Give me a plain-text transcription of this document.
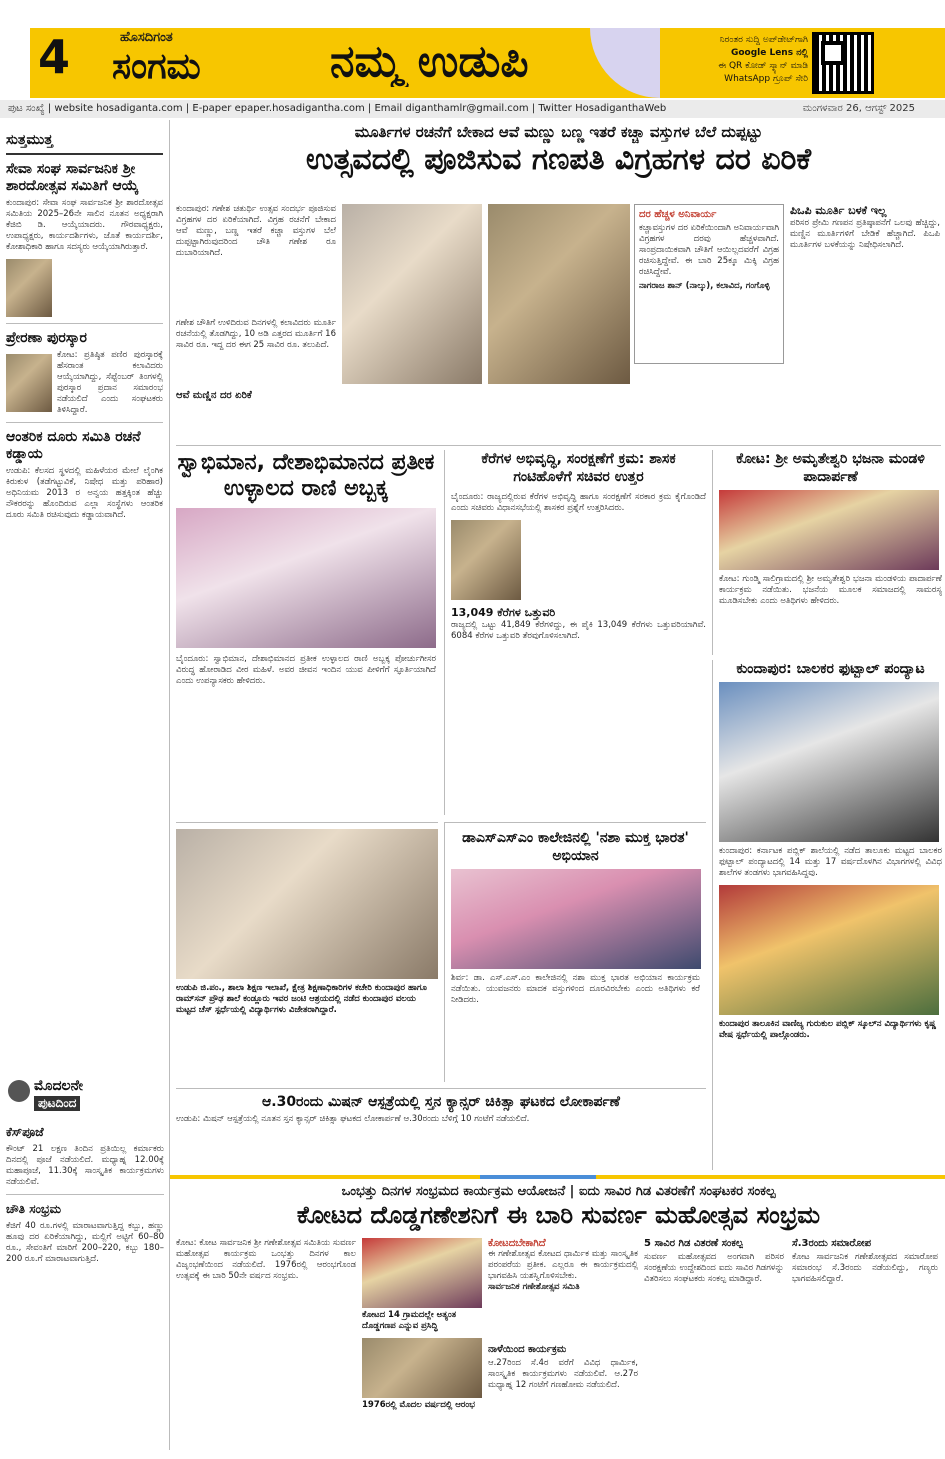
4	ಹೊಸದಿಗಂತ
ಸಂಗಮ	ನಮ್ಮ ಉಡುಪಿ	ನಿರಂತರ ಸುದ್ದಿ ಅಪ್‌ಡೇಟ್‌ಗಾಗಿ
Google Lens ನಲ್ಲಿ
ಈ QR ಕೋಡ್ ಸ್ಕ್ಯಾನ್ ಮಾಡಿ
WhatsApp ಗ್ರೂಪ್ ಸೇರಿ
ಪುಟ ಸಂಖ್ಯೆ | website hosadiganta.com | E-paper epaper.hosadigantha.com | Email diganthamlr@gmail.com | Twitter HosadiganthaWeb	ಮಂಗಳವಾರ 26, ಆಗಸ್ಟ್ 2025
ಸುತ್ತಮುತ್ತ
ಸೇವಾ ಸಂಘ ಸಾರ್ವಜನಿಕ ಶ್ರೀ ಶಾರದೋತ್ಸವ ಸಮಿತಿಗೆ ಆಯ್ಕೆ
ಕುಂದಾಪುರ: ಸೇವಾ ಸಂಘ ಸಾರ್ವಜನಿಕ ಶ್ರೀ ಶಾರದೋತ್ಸವ ಸಮಿತಿಯ 2025–26ನೇ ಸಾಲಿನ ನೂತನ ಅಧ್ಯಕ್ಷರಾಗಿ ಕೆಜಿಬಿ ಡಿ. ಆಯ್ಕೆಯಾದರು. ಗೌರವಾಧ್ಯಕ್ಷರು, ಉಪಾಧ್ಯಕ್ಷರು, ಕಾರ್ಯದರ್ಶಿಗಳು, ಜೊತೆ ಕಾರ್ಯದರ್ಶಿ, ಕೋಶಾಧಿಕಾರಿ ಹಾಗೂ ಸದಸ್ಯರು ಆಯ್ಕೆಯಾಗಿರುತ್ತಾರೆ.
ಪ್ರೇರಣಾ ಪುರಸ್ಕಾರ
ಕೋಟ: ಪ್ರತಿಷ್ಠಿತ ಪಣಿರ ಪುರಸ್ಕಾರಕ್ಕೆ ಹೆಸರಾಂತ ಕಲಾವಿದರು ಆಯ್ಕೆಯಾಗಿದ್ದು, ಸೆಪ್ಟೆಂಬರ್ ತಿಂಗಳಲ್ಲಿ ಪುರಸ್ಕಾರ ಪ್ರದಾನ ಸಮಾರಂಭ ನಡೆಯಲಿದೆ ಎಂದು ಸಂಘಟಕರು ತಿಳಿಸಿದ್ದಾರೆ.
ಆಂತರಿಕ ದೂರು ಸಮಿತಿ ರಚನೆ ಕಡ್ಡಾಯ
ಉಡುಪಿ: ಕೆಲಸದ ಸ್ಥಳದಲ್ಲಿ ಮಹಿಳೆಯರ ಮೇಲೆ ಲೈಂಗಿಕ ಕಿರುಕುಳ (ತಡೆಗಟ್ಟುವಿಕೆ, ನಿಷೇಧ ಮತ್ತು ಪರಿಹಾರ) ಅಧಿನಿಯಮ 2013 ರ ಅನ್ವಯ ಹತ್ತಕ್ಕಿಂತ ಹೆಚ್ಚು ನೌಕರರನ್ನು ಹೊಂದಿರುವ ಎಲ್ಲಾ ಸಂಸ್ಥೆಗಳು ಆಂತರಿಕ ದೂರು ಸಮಿತಿ ರಚಿಸುವುದು ಕಡ್ಡಾಯವಾಗಿದೆ.
ಮೊದಲನೇ
ಪುಟದಿಂದ
ಕೆಸ್‌ಪೂಜೆ
ಕೌಂಟ್ 21 ಲಕ್ಷಣ ತಿಂದಿನ ಪ್ರತಿಯಿಲ್ಲ ಕರ್ಮಾಕರು ದಿನದಲ್ಲಿ ಪೂಜೆ ನಡೆಯಲಿದೆ. ಮಧ್ಯಾಹ್ನ 12.00ಕ್ಕೆ ಮಹಾಪೂಜೆ, 11.30ಕ್ಕೆ ಸಾಂಸ್ಕೃತಿಕ ಕಾರ್ಯಕ್ರಮಗಳು ನಡೆಯಲಿವೆ.
ಚೌತಿ ಸಂಭ್ರಮ
ಕೆಜಿಗೆ 40 ರೂ.ಗಳಲ್ಲಿ ಮಾರಾಟವಾಗುತ್ತಿದ್ದ ಕಬ್ಬು, ಹಣ್ಣು ಹೂವು ದರ ಏರಿಕೆಯಾಗಿದ್ದು, ಮಲ್ಲಿಗೆ ಅಟ್ಟಿಗೆ 60–80 ರೂ., ಸೇವಂತಿಗೆ ಮಾರಿಗೆ 200–220, ಕಬ್ಬು 180–200 ರೂ.ಗೆ ಮಾರಾಟವಾಗುತ್ತಿದೆ.
ಮೂರ್ತಿಗಳ ರಚನೆಗೆ ಬೇಕಾದ ಆವೆ ಮಣ್ಣು ಬಣ್ಣ ಇತರೆ ಕಚ್ಚಾ ವಸ್ತುಗಳ ಬೆಲೆ ದುಪ್ಪಟ್ಟು
ಉತ್ಸವದಲ್ಲಿ ಪೂಜಿಸುವ ಗಣಪತಿ ವಿಗ್ರಹಗಳ ದರ ಏರಿಕೆ
ಕುಂದಾಪುರ: ಗಣೇಶ ಚತುರ್ಥಿ ಉತ್ಸವ ಸಂದರ್ಭ ಪೂಜಿಸುವ ವಿಗ್ರಹಗಳ ದರ ಏರಿಕೆಯಾಗಿದೆ. ವಿಗ್ರಹ ರಚನೆಗೆ ಬೇಕಾದ ಆವೆ ಮಣ್ಣು, ಬಣ್ಣ ಇತರೆ ಕಚ್ಚಾ ವಸ್ತುಗಳ ಬೆಲೆ ದುಪ್ಪಟ್ಟಾಗಿರುವುದರಿಂದ ಚೌತಿ ಗಣೇಶ ರೂ ದುಬಾರಿಯಾಗಿದೆ.
ಗಣೇಶ ಚೌತಿಗೆ ಉಳಿದಿರುವ ದಿನಗಳಲ್ಲಿ ಕಲಾವಿದರು ಮೂರ್ತಿ ರಚನೆಯಲ್ಲಿ ತೊಡಗಿದ್ದು, 10 ಅಡಿ ಎತ್ತರದ ಮೂರ್ತಿಗೆ 16 ಸಾವಿರ ರೂ. ಇದ್ದ ದರ ಈಗ 25 ಸಾವಿರ ರೂ. ತಲುಪಿದೆ.
ಆವೆ ಮಣ್ಣಿನ ದರ ಏರಿಕೆ
ದರ ಹೆಚ್ಚಳ ಅನಿವಾರ್ಯ
ಕಚ್ಚಾವಸ್ತುಗಳ ದರ ಏರಿಕೆಯಿಂದಾಗಿ ಅನಿವಾರ್ಯವಾಗಿ ವಿಗ್ರಹಗಳ ದರವು ಹೆಚ್ಚಳವಾಗಿದೆ. ಸಾಂಪ್ರದಾಯಿಕವಾಗಿ ಚೌತಿಗೆ ಆಯಿಲ್ಲದವರೆಗೆ ವಿಗ್ರಹ ರಚಿಸುತ್ತಿದ್ದೇವೆ. ಈ ಬಾರಿ 25ಕ್ಕೂ ಮಿಕ್ಕಿ ವಿಗ್ರಹ ರಚಿಸಿದ್ದೇವೆ.
ನಾಗರಾಜ ಶಾನ್ (ನಾಲ್ಕು), ಕಲಾವಿದ, ಗಂಗೊಳ್ಳಿ
ಪಿಒಪಿ ಮೂರ್ತಿ ಬಳಕೆ ಇಲ್ಲ
ಪರಿಸರ ಪ್ರೇಮಿ ಗಣಪನ ಪ್ರತಿಷ್ಠಾಪನೆಗೆ ಒಲವು ಹೆಚ್ಚಿದ್ದು, ಮಣ್ಣಿನ ಮೂರ್ತಿಗಳಿಗೆ ಬೇಡಿಕೆ ಹೆಚ್ಚಾಗಿದೆ. ಪಿಒಪಿ ಮೂರ್ತಿಗಳ ಬಳಕೆಯನ್ನು ನಿಷೇಧಿಸಲಾಗಿದೆ.
ಸ್ವಾಭಿಮಾನ, ದೇಶಾಭಿಮಾನದ ಪ್ರತೀಕ ಉಳ್ಳಾಲದ ರಾಣಿ ಅಬ್ಬಕ್ಕ
ಬೈಂದೂರು: ಸ್ವಾಭಿಮಾನ, ದೇಶಾಭಿಮಾನದ ಪ್ರತೀಕ ಉಳ್ಳಾಲದ ರಾಣಿ ಅಬ್ಬಕ್ಕ ಪೋರ್ಚುಗೀಸರ ವಿರುದ್ಧ ಹೋರಾಡಿದ ವೀರ ಮಹಿಳೆ. ಅವರ ಜೀವನ ಇಂದಿನ ಯುವ ಪೀಳಿಗೆಗೆ ಸ್ಫೂರ್ತಿಯಾಗಿದೆ ಎಂದು ಉಪನ್ಯಾಸಕರು ಹೇಳಿದರು.
ಕೆರೆಗಳ ಅಭಿವೃದ್ಧಿ, ಸಂರಕ್ಷಣೆಗೆ ಕ್ರಮ: ಶಾಸಕ ಗಂಟಿಹೊಳೆಗೆ ಸಚಿವರ ಉತ್ತರ
ಬೈಂದೂರು: ರಾಜ್ಯದಲ್ಲಿರುವ ಕೆರೆಗಳ ಅಭಿವೃದ್ಧಿ ಹಾಗೂ ಸಂರಕ್ಷಣೆಗೆ ಸರಕಾರ ಕ್ರಮ ಕೈಗೊಂಡಿದೆ ಎಂದು ಸಚಿವರು ವಿಧಾನಸಭೆಯಲ್ಲಿ ಶಾಸಕರ ಪ್ರಶ್ನೆಗೆ ಉತ್ತರಿಸಿದರು.
13,049 ಕೆರೆಗಳ ಒತ್ತುವರಿ
ರಾಜ್ಯದಲ್ಲಿ ಒಟ್ಟು 41,849 ಕೆರೆಗಳಿದ್ದು, ಈ ಪೈಕಿ 13,049 ಕೆರೆಗಳು ಒತ್ತುವರಿಯಾಗಿವೆ. 6084 ಕೆರೆಗಳ ಒತ್ತುವರಿ ತೆರವುಗೊಳಿಸಲಾಗಿದೆ.
ಕೋಟ: ಶ್ರೀ ಅಮೃತೇಶ್ವರಿ ಭಜನಾ ಮಂಡಳಿ ಪಾದಾರ್ಪಣೆ
ಕೋಟ: ಗುಂಡ್ಮಿ ಸಾಲಿಗ್ರಾಮದಲ್ಲಿ ಶ್ರೀ ಅಮೃತೇಶ್ವರಿ ಭಜನಾ ಮಂಡಳಿಯ ಪಾದಾರ್ಪಣೆ ಕಾರ್ಯಕ್ರಮ ನಡೆಯಿತು. ಭಜನೆಯ ಮೂಲಕ ಸಮಾಜದಲ್ಲಿ ಸಾಮರಸ್ಯ ಮೂಡಿಸಬೇಕು ಎಂದು ಅತಿಥಿಗಳು ಹೇಳಿದರು.
ಕುಂದಾಪುರ: ಬಾಲಕರ ಫುಟ್ಬಾಲ್ ಪಂದ್ಯಾಟ
ಕುಂದಾಪುರ: ಕರ್ನಾಟಕ ಪಬ್ಲಿಕ್ ಶಾಲೆಯಲ್ಲಿ ನಡೆದ ತಾಲೂಕು ಮಟ್ಟದ ಬಾಲಕರ ಫುಟ್ಬಾಲ್ ಪಂದ್ಯಾಟದಲ್ಲಿ 14 ಮತ್ತು 17 ವರ್ಷದೊಳಗಿನ ವಿಭಾಗಗಳಲ್ಲಿ ವಿವಿಧ ಶಾಲೆಗಳ ತಂಡಗಳು ಭಾಗವಹಿಸಿದ್ದವು.
ಕುಂದಾಪುರ ತಾಲೂಕಿನ ವಾಣಿಜ್ಯ ಗುರುಕುಲ ಪಬ್ಲಿಕ್ ಸ್ಕೂಲ್‌ನ ವಿದ್ಯಾರ್ಥಿಗಳು ಕೃಷ್ಣ ವೇಷ ಸ್ಪರ್ಧೆಯಲ್ಲಿ ಪಾಲ್ಗೊಂಡರು.
ಉಡುಪಿ ಜಿ.ಪಂ., ಶಾಲಾ ಶಿಕ್ಷಣ ಇಲಾಖೆ, ಕ್ಷೇತ್ರ ಶಿಕ್ಷಣಾಧಿಕಾರಿಗಳ ಕಚೇರಿ ಕುಂದಾಪುರ ಹಾಗೂ ರಾಮ್‌ಸನ್ ಪ್ರೌಢ ಶಾಲೆ ಕಂಡ್ಲೂರು ಇವರ ಜಂಟಿ ಆಶ್ರಯದಲ್ಲಿ ನಡೆದ ಕುಂದಾಪುರ ವಲಯ ಮಟ್ಟದ ಚೆಸ್ ಸ್ಪರ್ಧೆಯಲ್ಲಿ ವಿದ್ಯಾರ್ಥಿಗಳು ವಿಜೇತರಾಗಿದ್ದಾರೆ.
ಡಾಎಸ್‌ಎಸ್‌ಎಂ ಕಾಲೇಜಿನಲ್ಲಿ 'ನಶಾ ಮುಕ್ತ ಭಾರತ' ಅಭಿಯಾನ
ಶಿರ್ವ: ಡಾ. ಎಸ್.ಎಸ್.ಎಂ ಕಾಲೇಜಿನಲ್ಲಿ ನಶಾ ಮುಕ್ತ ಭಾರತ ಅಭಿಯಾನ ಕಾರ್ಯಕ್ರಮ ನಡೆಯಿತು. ಯುವಜನರು ಮಾದಕ ವಸ್ತುಗಳಿಂದ ದೂರವಿರಬೇಕು ಎಂದು ಅತಿಥಿಗಳು ಕರೆ ನೀಡಿದರು.
ಆ.30ರಂದು ಮಿಷನ್ ಆಸ್ಪತ್ರೆಯಲ್ಲಿ ಸ್ತನ ಕ್ಯಾನ್ಸರ್ ಚಿಕಿತ್ಸಾ ಘಟಕದ ಲೋಕಾರ್ಪಣೆ
ಉಡುಪಿ: ಮಿಷನ್ ಆಸ್ಪತ್ರೆಯಲ್ಲಿ ನೂತನ ಸ್ತನ ಕ್ಯಾನ್ಸರ್ ಚಿಕಿತ್ಸಾ ಘಟಕದ ಲೋಕಾರ್ಪಣೆ ಆ.30ರಂದು ಬೆಳಿಗ್ಗೆ 10 ಗಂಟೆಗೆ ನಡೆಯಲಿದೆ.
ಒಂಭತ್ತು ದಿನಗಳ ಸಂಭ್ರಮದ ಕಾರ್ಯಕ್ರಮ ಆಯೋಜನೆ | ಐದು ಸಾವಿರ ಗಿಡ ವಿತರಣೆಗೆ ಸಂಘಟಕರ ಸಂಕಲ್ಪ
ಕೋಟದ ದೊಡ್ಡಗಣೇಶನಿಗೆ ಈ ಬಾರಿ ಸುವರ್ಣ ಮಹೋತ್ಸವ ಸಂಭ್ರಮ
ಕೋಟ: ಕೋಟ ಸಾರ್ವಜನಿಕ ಶ್ರೀ ಗಣೇಶೋತ್ಸವ ಸಮಿತಿಯ ಸುವರ್ಣ ಮಹೋತ್ಸವ ಕಾರ್ಯಕ್ರಮ ಒಂಭತ್ತು ದಿನಗಳ ಕಾಲ ವಿಜೃಂಭಣೆಯಿಂದ ನಡೆಯಲಿದೆ. 1976ರಲ್ಲಿ ಆರಂಭಗೊಂಡ ಉತ್ಸವಕ್ಕೆ ಈ ಬಾರಿ 50ನೇ ವರ್ಷದ ಸಂಭ್ರಮ.
ಕೋಟದ 14 ಗ್ರಾಮದಲ್ಲೇ ಅತ್ಯಂತ ದೊಡ್ಡಗಣಪ ಎನ್ನುವ ಪ್ರಸಿದ್ಧಿ
1976ರಲ್ಲಿ ಮೊದಲ ವರ್ಷದಲ್ಲಿ ಆರಂಭ
ಕೋಟದಬೇಕಾಗಿದೆ
ಈ ಗಣೇಶೋತ್ಸವ ಕೋಟದ ಧಾರ್ಮಿಕ ಮತ್ತು ಸಾಂಸ್ಕೃತಿಕ ಪರಂಪರೆಯ ಪ್ರತೀಕ. ಎಲ್ಲರೂ ಈ ಕಾರ್ಯಕ್ರಮದಲ್ಲಿ ಭಾಗವಹಿಸಿ ಯಶಸ್ವಿಗೊಳಿಸಬೇಕು.
ಸಾರ್ವಜನಿಕ ಗಣೇಶೋತ್ಸವ ಸಮಿತಿ
ನಾಳೆಯಿಂದ ಕಾರ್ಯಕ್ರಮ
ಆ.27ರಿಂದ ಸೆ.4ರ ವರೆಗೆ ವಿವಿಧ ಧಾರ್ಮಿಕ, ಸಾಂಸ್ಕೃತಿಕ ಕಾರ್ಯಕ್ರಮಗಳು ನಡೆಯಲಿವೆ. ಆ.27ರ ಮಧ್ಯಾಹ್ನ 12 ಗಂಟೆಗೆ ಗಣಹೋಮ ನಡೆಯಲಿದೆ.
5 ಸಾವಿರ ಗಿಡ ವಿತರಣೆ ಸಂಕಲ್ಪ
ಸುವರ್ಣ ಮಹೋತ್ಸವದ ಅಂಗವಾಗಿ ಪರಿಸರ ಸಂರಕ್ಷಣೆಯ ಉದ್ದೇಶದಿಂದ ಐದು ಸಾವಿರ ಗಿಡಗಳನ್ನು ವಿತರಿಸಲು ಸಂಘಟಕರು ಸಂಕಲ್ಪ ಮಾಡಿದ್ದಾರೆ.
ಸೆ.3ರಂದು ಸಮಾರೋಪ
ಕೋಟ ಸಾರ್ವಜನಿಕ ಗಣೇಶೋತ್ಸವದ ಸಮಾರೋಪ ಸಮಾರಂಭ ಸೆ.3ರಂದು ನಡೆಯಲಿದ್ದು, ಗಣ್ಯರು ಭಾಗವಹಿಸಲಿದ್ದಾರೆ.
